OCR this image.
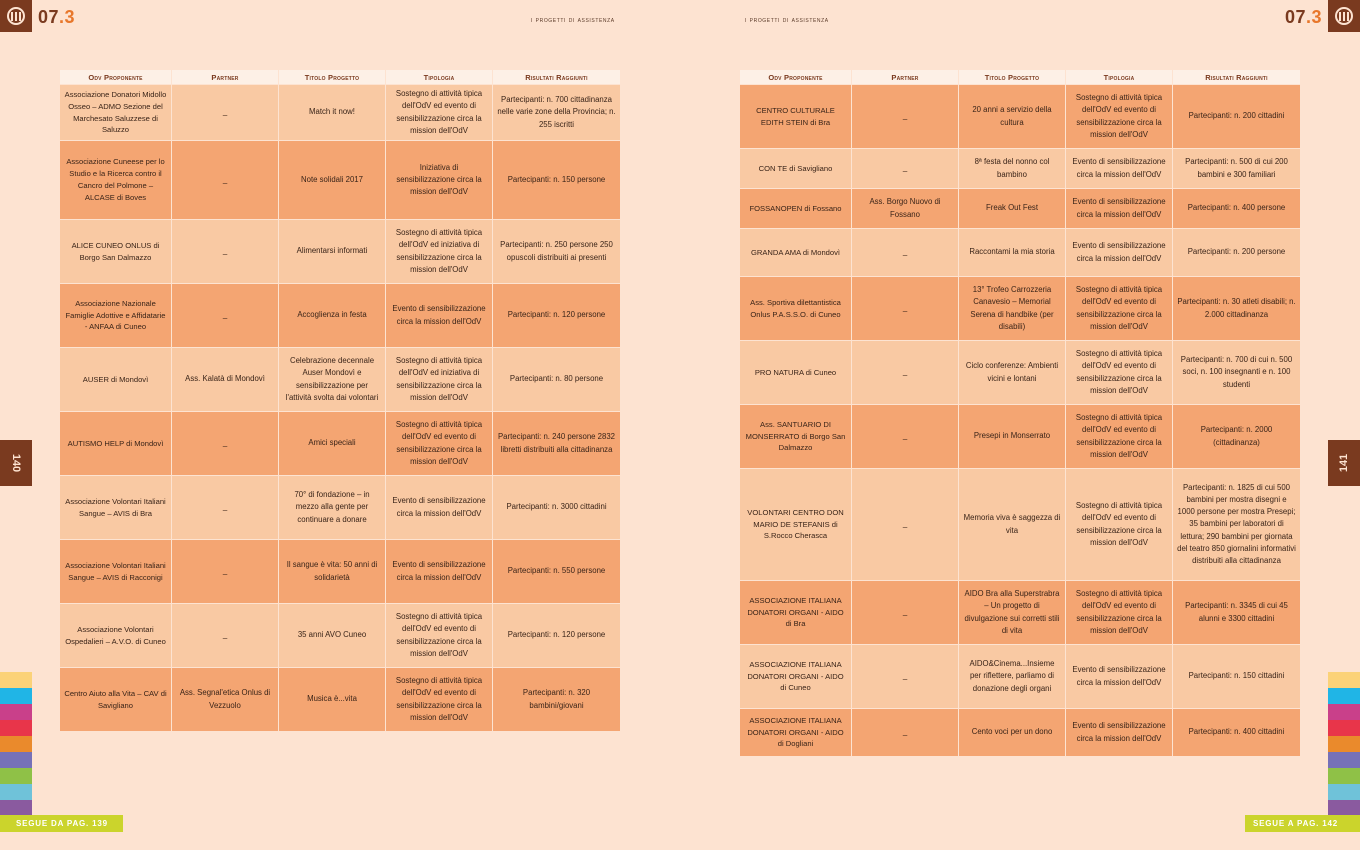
07.3	i progetti di assistenza
Odv Proponente	Partner	Titolo Progetto	Tipologia	Risultati Raggiunti
Associazione Donatori Midollo Osseo – ADMO Sezione del Marchesato Saluzzese di Saluzzo	_	Match it now!	Sostegno di attività tipica dell'OdV ed evento di sensibilizzazione circa la mission dell'OdV	Partecipanti: n. 700 cittadinanza nelle varie zone della Provincia; n. 255 iscritti
Associazione Cuneese per lo Studio e la Ricerca contro il Cancro del Polmone – ALCASE di Boves	_	Note solidali 2017	Iniziativa di sensibilizzazione circa la mission dell'OdV	Partecipanti: n. 150 persone
ALICE CUNEO ONLUS di Borgo San Dalmazzo	_	Alimentarsi informati	Sostegno di attività tipica dell'OdV ed iniziativa di sensibilizzazione circa la mission dell'OdV	Partecipanti: n. 250 persone 250 opuscoli distribuiti ai presenti
Associazione Nazionale Famiglie Adottive e Affidatarie - ANFAA di Cuneo	_	Accoglienza in festa	Evento di sensibilizzazione circa la mission dell'OdV	Partecipanti: n. 120 persone
AUSER di Mondovì	Ass. Kalatà di Mondovì	Celebrazione decennale Auser Mondovì e sensibilizzazione per l'attività svolta dai volontari	Sostegno di attività tipica dell'OdV ed iniziativa di sensibilizzazione circa la mission dell'OdV	Partecipanti: n. 80 persone
AUTISMO HELP di Mondovì	_	Amici speciali	Sostegno di attività tipica dell'OdV ed evento di sensibilizzazione circa la mission dell'OdV	Partecipanti: n. 240 persone 2832 libretti distribuiti alla cittadinanza
Associazione Volontari Italiani Sangue – AVIS di Bra	_	70° di fondazione – in mezzo alla gente per continuare a donare	Evento di sensibilizzazione circa la mission dell'OdV	Partecipanti: n. 3000 cittadini
Associazione Volontari Italiani Sangue – AVIS di Racconigi	_	Il sangue è vita: 50 anni di solidarietà	Evento di sensibilizzazione circa la mission dell'OdV	Partecipanti: n. 550 persone
Associazione Volontari Ospedalieri – A.V.O. di Cuneo	_	35 anni AVO Cuneo	Sostegno di attività tipica dell'OdV ed evento di sensibilizzazione circa la mission dell'OdV	Partecipanti: n. 120 persone
Centro Aiuto alla Vita – CAV di Savigliano	Ass. Segnal'etica Onlus di Vezzuolo	Musica è...vita	Sostegno di attività tipica dell'OdV ed evento di sensibilizzazione circa la mission dell'OdV	Partecipanti: n. 320 bambini/giovani
140
SEGUE DA PAG. 139
07.3
i progetti di assistenza
Odv Proponente	Partner	Titolo Progetto	Tipologia	Risultati Raggiunti
CENTRO CULTURALE EDITH STEIN di Bra	_	20 anni a servizio della cultura	Sostegno di attività tipica dell'OdV ed evento di sensibilizzazione circa la mission dell'OdV	Partecipanti: n. 200 cittadini
CON TE di Savigliano	_	8ª festa del nonno col bambino	Evento di sensibilizzazione circa la mission dell'OdV	Partecipanti: n. 500 di cui 200 bambini e 300 familiari
FOSSANOPEN di Fossano	Ass. Borgo Nuovo di Fossano	Freak Out Fest	Evento di sensibilizzazione circa la mission dell'OdV	Partecipanti: n. 400 persone
GRANDA AMA di Mondovì	_	Raccontami la mia storia	Evento di sensibilizzazione circa la mission dell'OdV	Partecipanti: n. 200 persone
Ass. Sportiva dilettantistica Onlus P.A.S.S.O. di Cuneo	_	13° Trofeo Carrozzeria Canavesio – Memorial Serena di handbike (per disabili)	Sostegno di attività tipica dell'OdV ed evento di sensibilizzazione circa la mission dell'OdV	Partecipanti: n. 30 atleti disabili; n. 2.000 cittadinanza
PRO NATURA di Cuneo	_	Ciclo conferenze: Ambienti vicini e lontani	Sostegno di attività tipica dell'OdV ed evento di sensibilizzazione circa la mission dell'OdV	Partecipanti: n. 700 di cui n. 500 soci, n. 100 insegnanti e n. 100 studenti
Ass. SANTUARIO DI MONSERRATO di Borgo San Dalmazzo	_	Presepi in Monserrato	Sostegno di attività tipica dell'OdV ed evento di sensibilizzazione circa la mission dell'OdV	Partecipanti: n. 2000 (cittadinanza)
VOLONTARI CENTRO DON MARIO DE STEFANIS di S.Rocco Cherasca	_	Memoria viva è saggezza di vita	Sostegno di attività tipica dell'OdV ed evento di sensibilizzazione circa la mission dell'OdV	Partecipanti: n. 1825 di cui 500 bambini per mostra disegni e 1000 persone per mostra Presepi; 35 bambini per laboratori di lettura; 290 bambini per giornata del teatro 850 giornalini informativi distribuiti alla cittadinanza
ASSOCIAZIONE ITALIANA DONATORI ORGANI - AIDO di Bra	_	AIDO Bra alla Superstrabra – Un progetto di divulgazione sui corretti stili di vita	Sostegno di attività tipica dell'OdV ed evento di sensibilizzazione circa la mission dell'OdV	Partecipanti: n. 3345 di cui 45 alunni e 3300 cittadini
ASSOCIAZIONE ITALIANA DONATORI ORGANI - AIDO di Cuneo	_	AIDO&Cinema...Insieme per riflettere, parliamo di donazione degli organi	Evento di sensibilizzazione circa la mission dell'OdV	Partecipanti: n. 150 cittadini
ASSOCIAZIONE ITALIANA DONATORI ORGANI - AIDO di Dogliani	_	Cento voci per un dono	Evento di sensibilizzazione circa la mission dell'OdV	Partecipanti: n. 400 cittadini
141
SEGUE A PAG. 142
